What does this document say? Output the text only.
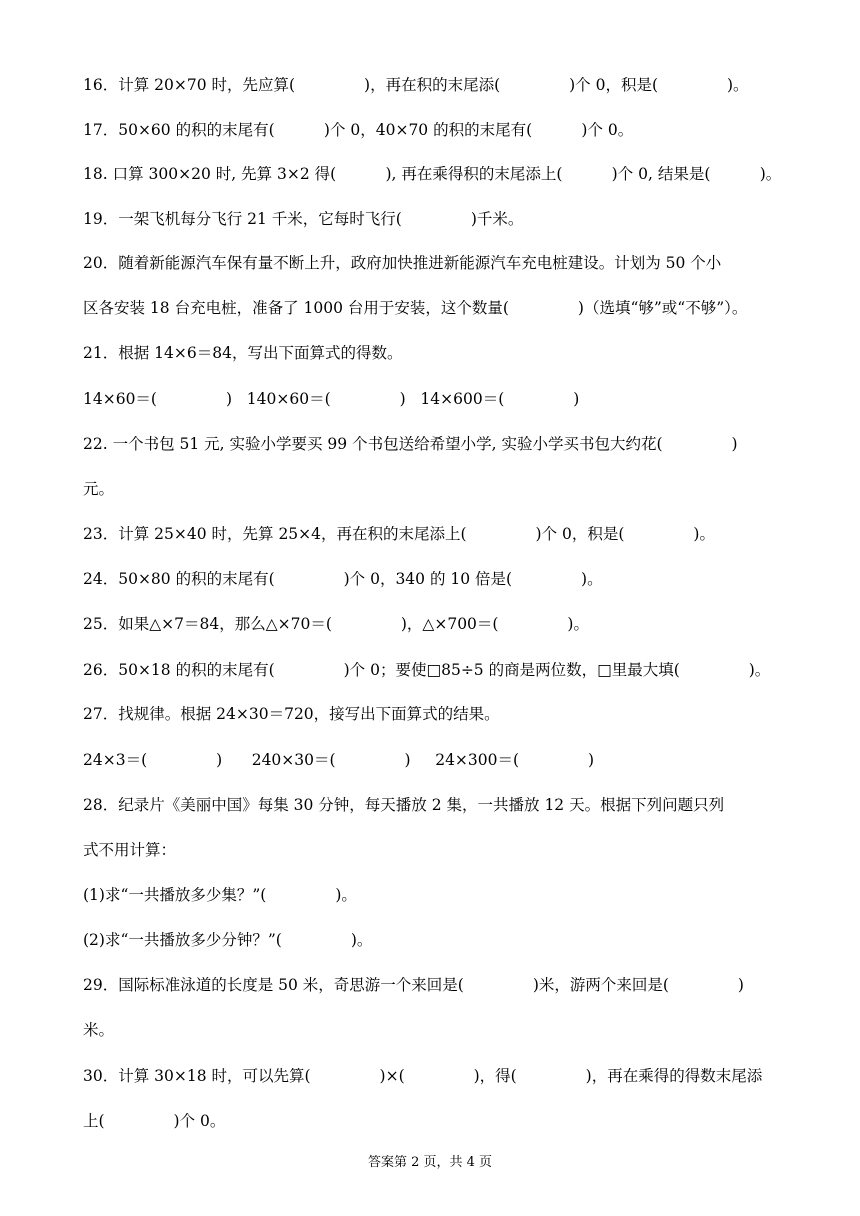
16．计算 20×70 时，先应算(              )，再在积的末尾添(              )个 0，积是(              )。
17．50×60 的积的末尾有(          )个 0，40×70 的积的末尾有(          )个 0。
18. 口算 300×20 时, 先算 3×2 得(          ), 再在乘得积的末尾添上(          )个 0, 结果是(          )。
19．一架飞机每分飞行 21 千米，它每时飞行(              )千米。
20．随着新能源汽车保有量不断上升，政府加快推进新能源汽车充电桩建设。计划为 50 个小
区各安装 18 台充电桩，准备了 1000 台用于安装，这个数量(              )（选填“够”或“不够”）。
21．根据 14×6＝84，写出下面算式的得数。
14×60＝(              )   140×60＝(              )   14×600＝(              )
22. 一个书包 51 元, 实验小学要买 99 个书包送给希望小学, 实验小学买书包大约花(              )
元。
23．计算 25×40 时，先算 25×4，再在积的末尾添上(              )个 0，积是(              )。
24．50×80 的积的末尾有(              )个 0，340 的 10 倍是(              )。
25．如果△×7＝84，那么△×70＝(              )，△×700＝(              )。
26．50×18 的积的末尾有(              )个 0；要使□85÷5 的商是两位数，□里最大填(              )。
27．找规律。根据 24×30＝720，接写出下面算式的结果。
24×3＝(              )      240×30＝(              )     24×300＝(              )
28．纪录片《美丽中国》每集 30 分钟，每天播放 2 集，一共播放 12 天。根据下列问题只列
式不用计算：
(1)求“一共播放多少集？”(              )。
(2)求“一共播放多少分钟？”(              )。
29．国际标准泳道的长度是 50 米，奇思游一个来回是(              )米，游两个来回是(              )
米。
30．计算 30×18 时，可以先算(              )×(              )，得(              )，再在乘得的得数末尾添
上(              )个 0。
答案第 2 页，共 4 页
